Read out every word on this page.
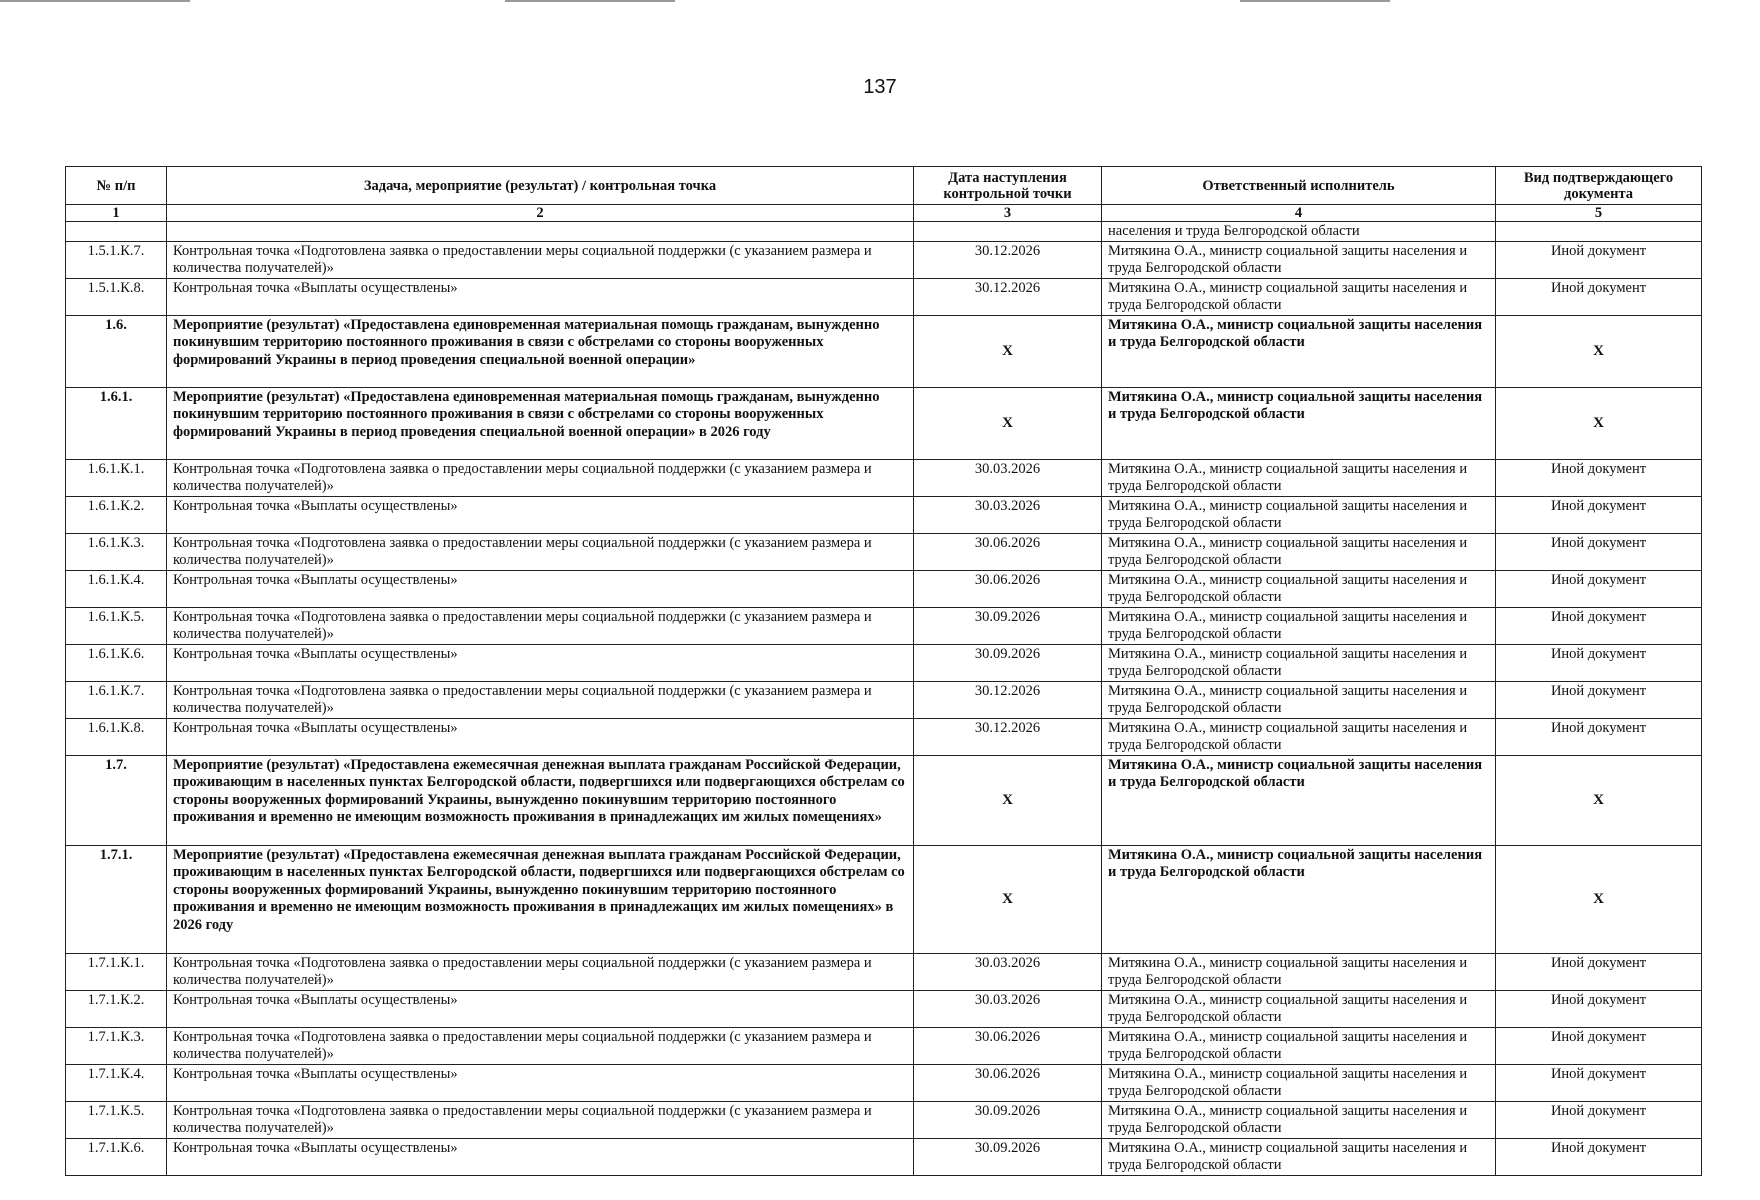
137
№ п/п	Задача, мероприятие (результат) / контрольная точка	Дата наступления контрольной точки	Ответственный исполнитель	Вид подтверждающего документа
1	2	3	4	5
			населения и труда Белгородской области	
1.5.1.К.7.	Контрольная точка «Подготовлена заявка о предоставлении меры социальной поддержки (с указанием размера и количества получателей)»	30.12.2026	Митякина О.А., министр социальной защиты населения и труда Белгородской области	Иной документ
1.5.1.К.8.	Контрольная точка «Выплаты осуществлены»	30.12.2026	Митякина О.А., министр социальной защиты населения и труда Белгородской области	Иной документ
1.6.	Мероприятие (результат) «Предоставлена единовременная материальная помощь гражданам, вынужденно покинувшим территорию постоянного проживания в связи с обстрелами со стороны вооруженных формирований Украины в период проведения специальной военной операции»	Х	Митякина О.А., министр социальной защиты населения и труда Белгородской области	Х
1.6.1.	Мероприятие (результат) «Предоставлена единовременная материальная помощь гражданам, вынужденно покинувшим территорию постоянного проживания в связи с обстрелами со стороны вооруженных формирований Украины в период проведения специальной военной операции» в 2026 году	Х	Митякина О.А., министр социальной защиты населения и труда Белгородской области	Х
1.6.1.К.1.	Контрольная точка «Подготовлена заявка о предоставлении меры социальной поддержки (с указанием размера и количества получателей)»	30.03.2026	Митякина О.А., министр социальной защиты населения и труда Белгородской области	Иной документ
1.6.1.К.2.	Контрольная точка «Выплаты осуществлены»	30.03.2026	Митякина О.А., министр социальной защиты населения и труда Белгородской области	Иной документ
1.6.1.К.3.	Контрольная точка «Подготовлена заявка о предоставлении меры социальной поддержки (с указанием размера и количества получателей)»	30.06.2026	Митякина О.А., министр социальной защиты населения и труда Белгородской области	Иной документ
1.6.1.К.4.	Контрольная точка «Выплаты осуществлены»	30.06.2026	Митякина О.А., министр социальной защиты населения и труда Белгородской области	Иной документ
1.6.1.К.5.	Контрольная точка «Подготовлена заявка о предоставлении меры социальной поддержки (с указанием размера и количества получателей)»	30.09.2026	Митякина О.А., министр социальной защиты населения и труда Белгородской области	Иной документ
1.6.1.К.6.	Контрольная точка «Выплаты осуществлены»	30.09.2026	Митякина О.А., министр социальной защиты населения и труда Белгородской области	Иной документ
1.6.1.К.7.	Контрольная точка «Подготовлена заявка о предоставлении меры социальной поддержки (с указанием размера и количества получателей)»	30.12.2026	Митякина О.А., министр социальной защиты населения и труда Белгородской области	Иной документ
1.6.1.К.8.	Контрольная точка «Выплаты осуществлены»	30.12.2026	Митякина О.А., министр социальной защиты населения и труда Белгородской области	Иной документ
1.7.	Мероприятие (результат) «Предоставлена ежемесячная денежная выплата гражданам Российской Федерации, проживающим в населенных пунктах Белгородской области, подвергшихся или подвергающихся обстрелам со стороны вооруженных формирований Украины, вынужденно покинувшим территорию постоянного проживания и временно не имеющим возможность проживания в принадлежащих им жилых помещениях»	Х	Митякина О.А., министр социальной защиты населения и труда Белгородской области	Х
1.7.1.	Мероприятие (результат) «Предоставлена ежемесячная денежная выплата гражданам Российской Федерации, проживающим в населенных пунктах Белгородской области, подвергшихся или подвергающихся обстрелам со стороны вооруженных формирований Украины, вынужденно покинувшим территорию постоянного проживания и временно не имеющим возможность проживания в принадлежащих им жилых помещениях» в 2026 году	Х	Митякина О.А., министр социальной защиты населения и труда Белгородской области	Х
1.7.1.К.1.	Контрольная точка «Подготовлена заявка о предоставлении меры социальной поддержки (с указанием размера и количества получателей)»	30.03.2026	Митякина О.А., министр социальной защиты населения и труда Белгородской области	Иной документ
1.7.1.К.2.	Контрольная точка «Выплаты осуществлены»	30.03.2026	Митякина О.А., министр социальной защиты населения и труда Белгородской области	Иной документ
1.7.1.К.3.	Контрольная точка «Подготовлена заявка о предоставлении меры социальной поддержки (с указанием размера и количества получателей)»	30.06.2026	Митякина О.А., министр социальной защиты населения и труда Белгородской области	Иной документ
1.7.1.К.4.	Контрольная точка «Выплаты осуществлены»	30.06.2026	Митякина О.А., министр социальной защиты населения и труда Белгородской области	Иной документ
1.7.1.К.5.	Контрольная точка «Подготовлена заявка о предоставлении меры социальной поддержки (с указанием размера и количества получателей)»	30.09.2026	Митякина О.А., министр социальной защиты населения и труда Белгородской области	Иной документ
1.7.1.К.6.	Контрольная точка «Выплаты осуществлены»	30.09.2026	Митякина О.А., министр социальной защиты населения и труда Белгородской области	Иной документ
